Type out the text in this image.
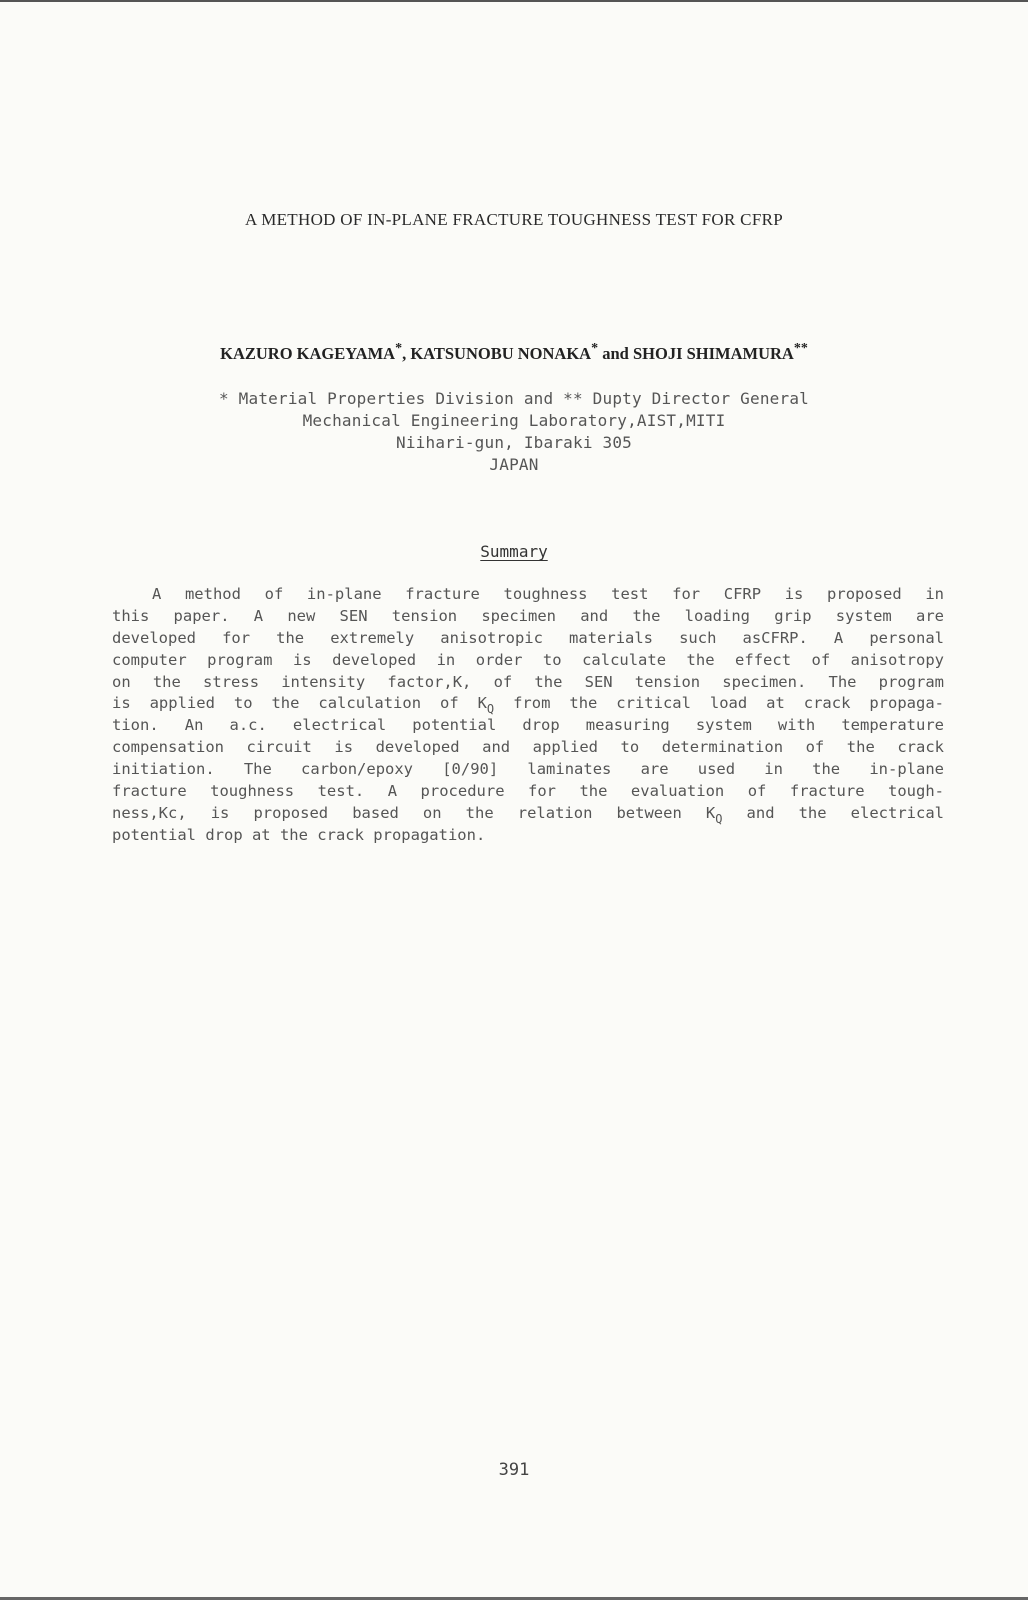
A METHOD OF IN-PLANE FRACTURE TOUGHNESS TEST FOR CFRP
KAZURO KAGEYAMA*, KATSUNOBU NONAKA* and SHOJI SHIMAMURA**
* Material Properties Division and ** Dupty Director General
Mechanical Engineering Laboratory,AIST,MITI
Niihari-gun, Ibaraki 305
JAPAN
Summary
A method of in-plane fracture toughness test for CFRP is proposed in
this paper. A new SEN tension specimen and the loading grip system are
developed for the extremely anisotropic materials such asCFRP. A personal
computer program is developed in order to calculate the effect of anisotropy
on the stress intensity factor,K, of the SEN tension specimen. The program
is applied to the calculation of $K_Q$ from the critical load at crack propaga-
tion. An a.c. electrical potential drop measuring system with temperature
compensation circuit is developed and applied to determination of the crack
initiation. The carbon/epoxy [0/90] laminates are used in the in-plane
fracture toughness test. A procedure for the evaluation of fracture tough-
ness,Kc, is proposed based on the relation between $K_Q$ and the electrical
potential drop at the crack propagation.
391
